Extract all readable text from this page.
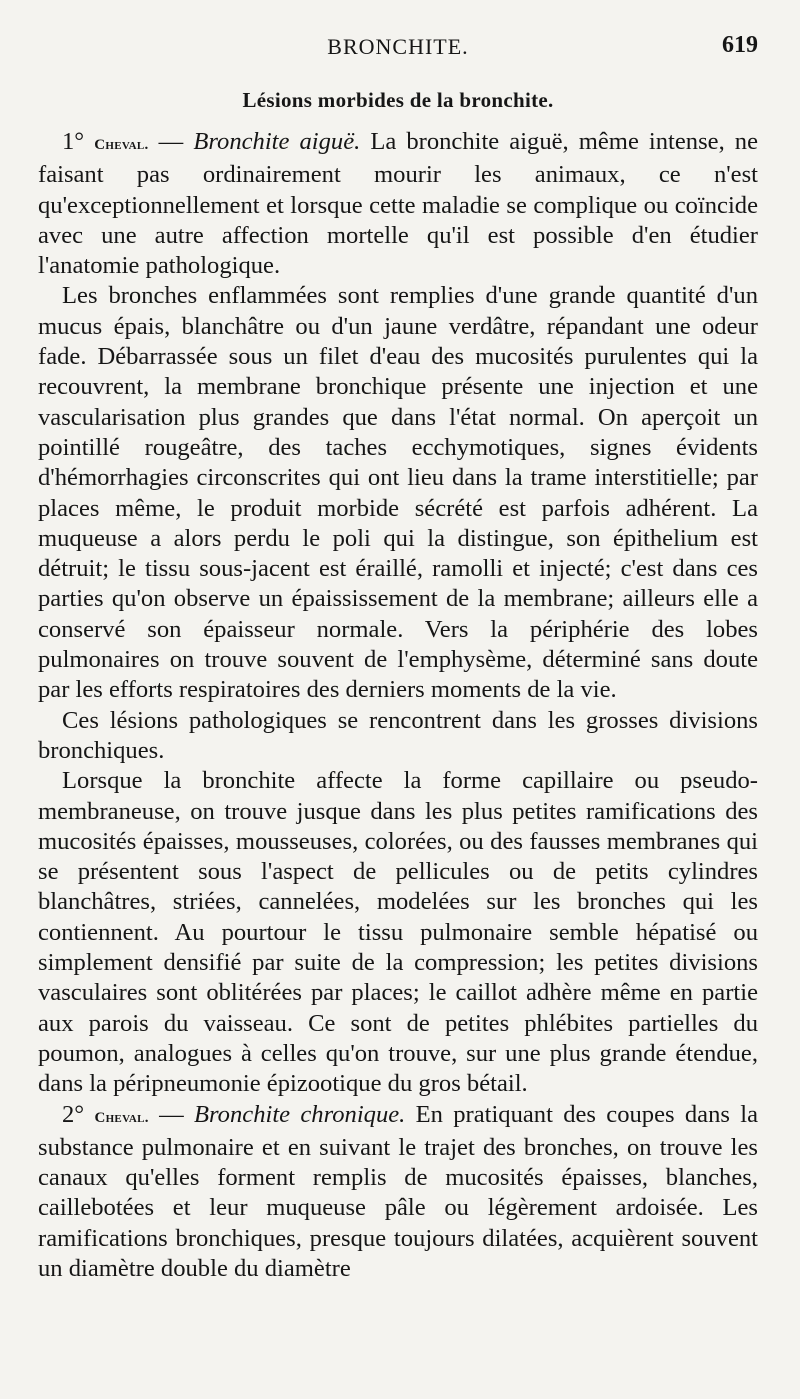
BRONCHITE.	619
Lésions morbides de la bronchite.

1° Cheval. — Bronchite aiguë. La bronchite aiguë, même intense, ne faisant pas ordinairement mourir les animaux, ce n'est qu'exceptionnellement et lorsque cette maladie se complique ou coïncide avec une autre affection mortelle qu'il est possible d'en étudier l'anatomie pathologique.

Les bronches enflammées sont remplies d'une grande quantité d'un mucus épais, blanchâtre ou d'un jaune verdâtre, répandant une odeur fade. Débarrassée sous un filet d'eau des mucosités purulentes qui la recouvrent, la membrane bronchique présente une injection et une vascularisation plus grandes que dans l'état normal. On aperçoit un pointillé rougeâtre, des taches ecchymotiques, signes évidents d'hémorrhagies circonscrites qui ont lieu dans la trame interstitielle; par places même, le produit morbide sécrété est parfois adhérent. La muqueuse a alors perdu le poli qui la distingue, son épithelium est détruit; le tissu sous-jacent est éraillé, ramolli et injecté; c'est dans ces parties qu'on observe un épaississement de la membrane; ailleurs elle a conservé son épaisseur normale. Vers la périphérie des lobes pulmonaires on trouve souvent de l'emphysème, déterminé sans doute par les efforts respiratoires des derniers moments de la vie.

Ces lésions pathologiques se rencontrent dans les grosses divisions bronchiques.

Lorsque la bronchite affecte la forme capillaire ou pseudo-membraneuse, on trouve jusque dans les plus petites ramifications des mucosités épaisses, mousseuses, colorées, ou des fausses membranes qui se présentent sous l'aspect de pellicules ou de petits cylindres blanchâtres, striées, cannelées, modelées sur les bronches qui les contiennent. Au pourtour le tissu pulmonaire semble hépatisé ou simplement densifié par suite de la compression; les petites divisions vasculaires sont oblitérées par places; le caillot adhère même en partie aux parois du vaisseau. Ce sont de petites phlébites partielles du poumon, analogues à celles qu'on trouve, sur une plus grande étendue, dans la péripneumonie épizootique du gros bétail.

2° Cheval. — Bronchite chronique. En pratiquant des coupes dans la substance pulmonaire et en suivant le trajet des bronches, on trouve les canaux qu'elles forment remplis de mucosités épaisses, blanches, caillebotées et leur muqueuse pâle ou légèrement ardoisée. Les ramifications bronchiques, presque toujours dilatées, acquièrent souvent un diamètre double du diamètre
